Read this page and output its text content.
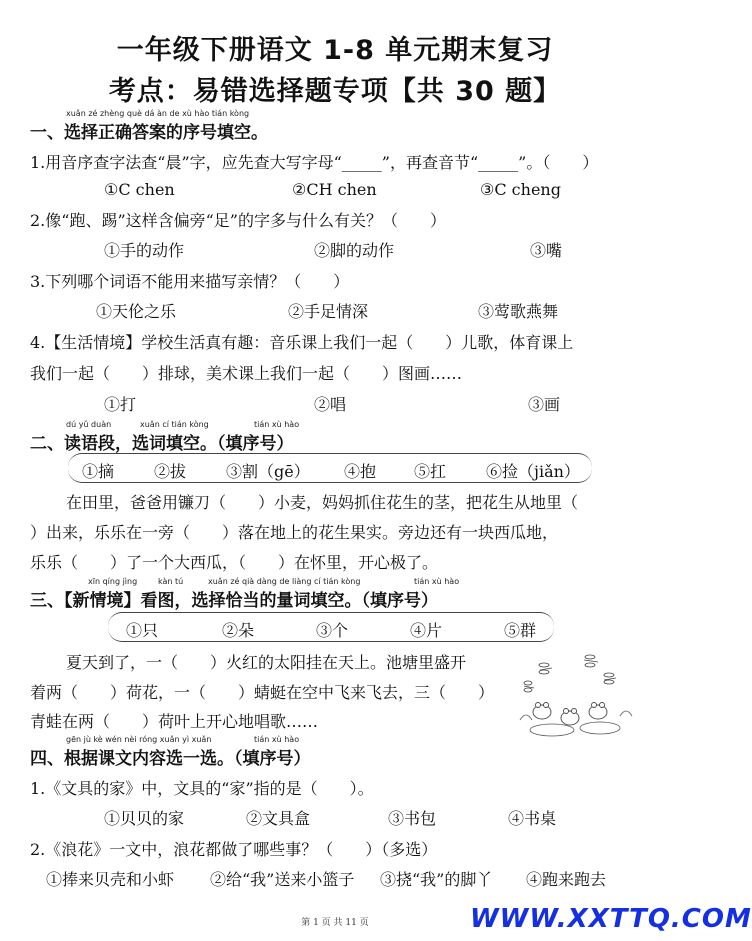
一年级下册语文 1-8 单元期末复习
考点：易错选择题专项【共 30 题】
xuǎn zé zhèng què dá àn de xù hào tián kòng
一、选择正确答案的序号填空。
1.用音序查字法查“晨”字，应先查大写字母“_____”，再查音节“_____”。（　　）
①C chen	②CH chen	③C cheng
2.像“跑、踢”这样含偏旁“足”的字多与什么有关？（　　）
①手的动作	②脚的动作	③嘴
3.下列哪个词语不能用来描写亲情？（　　）
①天伦之乐	②手足情深	③莺歌燕舞
4.【生活情境】学校生活真有趣：音乐课上我们一起（　　）儿歌，体育课上
我们一起（　　）排球，美术课上我们一起（　　）图画……
①打	②唱	③画
dú yǔ duàn	xuǎn cí tián kòng	tián xù hào
二、读语段，选词填空。（填序号）
①摘 ②拔 ③割（gē） ④抱 ⑤扛 ⑥捡（jiǎn）
在田里，爸爸用镰刀（　　）小麦，妈妈抓住花生的茎，把花生从地里（
）出来，乐乐在一旁（　　）落在地上的花生果实。旁边还有一块西瓜地，
乐乐（　　）了一个大西瓜，（　　）在怀里，开心极了。
xīn qíng jìng	kàn tú	xuǎn zé qià dàng de liàng cí tián kòng	tián xù hào
三、【新情境】看图，选择恰当的量词填空。（填序号）
①只	②朵	③个	④片	⑤群
夏天到了，一（　　）火红的太阳挂在天上。池塘里盛开
着两（　　）荷花，一（　　）蜻蜓在空中飞来飞去，三（　　）
青蛙在两（　　）荷叶上开心地唱歌……
gēn jù kè wén nèi róng xuǎn yì xuǎn	tián xù hào
四、根据课文内容选一选。（填序号）
1.《文具的家》中，文具的“家”指的是（　　）。
①贝贝的家	②文具盒	③书包	④书桌
2.《浪花》一文中，浪花都做了哪些事？（　　）（多选）
①捧来贝壳和小虾 ②给“我”送来小篮子 ③挠“我”的脚丫 ④跑来跑去
第 1 页 共 11 页	WWW.XXTTQ.COM
